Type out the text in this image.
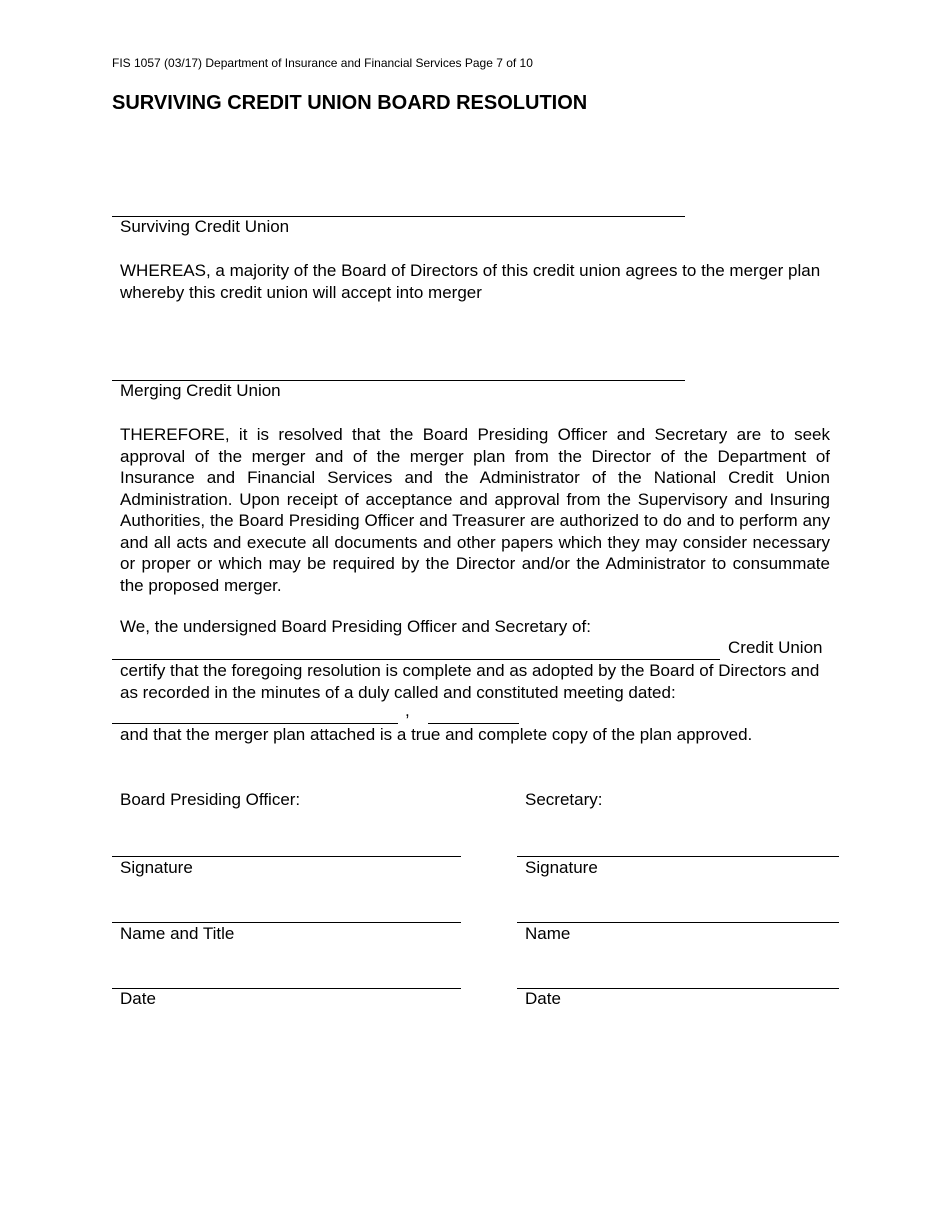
FIS 1057 (03/17) Department of Insurance and Financial Services Page 7 of 10
SURVIVING CREDIT UNION BOARD RESOLUTION
Surviving Credit Union
WHEREAS, a majority of the Board of Directors of this credit union agrees to the merger plan whereby this credit union will accept into merger
Merging Credit Union
THEREFORE, it is resolved that the Board Presiding Officer and Secretary are to seek approval of the merger and of the merger plan from the Director of the Department of Insurance and Financial Services and the Administrator of the National Credit Union Administration. Upon receipt of acceptance and approval from the Supervisory and Insuring Authorities, the Board Presiding Officer and Treasurer are authorized to do and to perform any and all acts and execute all documents and other papers which they may consider necessary or proper or which may be required by the Director and/or the Administrator to consummate the proposed merger.
We, the undersigned Board Presiding Officer and Secretary of:
Credit Union
certify that the foregoing resolution is complete and as adopted by the Board of Directors and as recorded in the minutes of a duly called and constituted meeting dated:
,
and that the merger plan attached is a true and complete copy of the plan approved.
Board Presiding Officer:
Signature
Name and Title
Date
Secretary:
Signature
Name
Date
